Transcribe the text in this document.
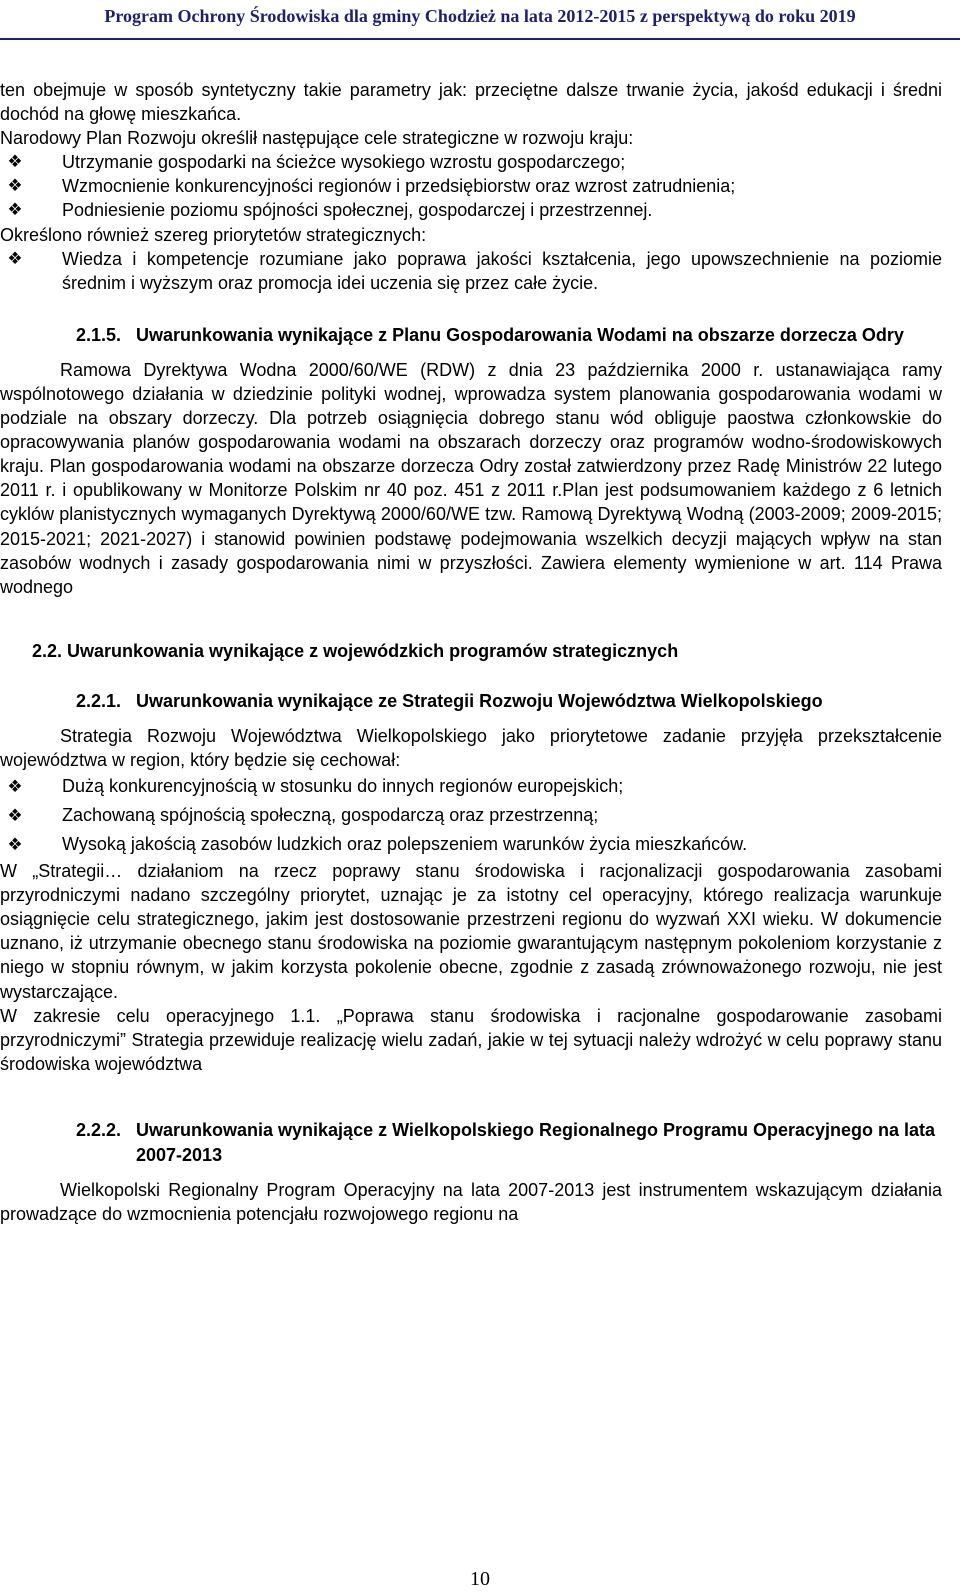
Program Ochrony Środowiska dla gminy Chodzież na lata 2012-2015 z perspektywą do roku 2019

ten obejmuje w sposób syntetyczny takie parametry jak: przeciętne dalsze trwanie życia, jakośd edukacji i średni dochód na głowę mieszkańca.

Narodowy Plan Rozwoju określił następujące cele strategiczne w rozwoju kraju:

❖ Utrzymanie gospodarki na ścieżce wysokiego wzrostu gospodarczego;
❖ Wzmocnienie konkurencyjności regionów i przedsiębiorstw oraz wzrost zatrudnienia;
❖ Podniesienie poziomu spójności społecznej, gospodarczej i przestrzennej.

Określono również szereg priorytetów strategicznych:

❖ Wiedza i kompetencje rozumiane jako poprawa jakości kształcenia, jego upowszechnienie na poziomie średnim i wyższym oraz promocja idei uczenia się przez całe życie.
2.1.5. Uwarunkowania wynikające z Planu Gospodarowania Wodami na obszarze dorzecza Odry

Ramowa Dyrektywa Wodna 2000/60/WE (RDW) z dnia 23 października 2000 r. ustanawiająca ramy wspólnotowego działania w dziedzinie polityki wodnej, wprowadza system planowania gospodarowania wodami w podziale na obszary dorzeczy. Dla potrzeb osiągnięcia dobrego stanu wód obliguje paostwa członkowskie do opracowywania planów gospodarowania wodami na obszarach dorzeczy oraz programów wodno-środowiskowych kraju. Plan gospodarowania wodami na obszarze dorzecza Odry został zatwierdzony przez Radę Ministrów 22 lutego 2011 r. i opublikowany w Monitorze Polskim nr 40 poz. 451 z 2011 r.Plan jest podsumowaniem każdego z 6 letnich cyklów planistycznych wymaganych Dyrektywą 2000/60/WE tzw. Ramową Dyrektywą Wodną (2003-2009; 2009-2015; 2015-2021; 2021-2027) i stanowid powinien podstawę podejmowania wszelkich decyzji mających wpływ na stan zasobów wodnych i zasady gospodarowania nimi w przyszłości. Zawiera elementy wymienione w art. 114 Prawa wodnego

2.2. Uwarunkowania wynikające z wojewódzkich programów strategicznych
2.2.1. Uwarunkowania wynikające ze Strategii Rozwoju Województwa Wielkopolskiego

Strategia Rozwoju Województwa Wielkopolskiego jako priorytetowe zadanie przyjęła przekształcenie województwa w region, który będzie się cechował:

❖ Dużą konkurencyjnością w stosunku do innych regionów europejskich;
❖ Zachowaną spójnością społeczną, gospodarczą oraz przestrzenną;
❖ Wysoką jakością zasobów ludzkich oraz polepszeniem warunków życia mieszkańców.

W „Strategii… działaniom na rzecz poprawy stanu środowiska i racjonalizacji gospodarowania zasobami przyrodniczymi nadano szczególny priorytet, uznając je za istotny cel operacyjny, którego realizacja warunkuje osiągnięcie celu strategicznego, jakim jest dostosowanie przestrzeni regionu do wyzwań XXI wieku. W dokumencie uznano, iż utrzymanie obecnego stanu środowiska na poziomie gwarantującym następnym pokoleniom korzystanie z niego w stopniu równym, w jakim korzysta pokolenie obecne, zgodnie z zasadą zrównoważonego rozwoju, nie jest wystarczające.

W zakresie celu operacyjnego 1.1. „Poprawa stanu środowiska i racjonalne gospodarowanie zasobami przyrodniczymi” Strategia przewiduje realizację wielu zadań, jakie w tej sytuacji należy wdrożyć w celu poprawy stanu środowiska województwa

2.2.2. Uwarunkowania wynikające z Wielkopolskiego Regionalnego Programu Operacyjnego na lata 2007-2013

Wielkopolski Regionalny Program Operacyjny na lata 2007-2013 jest instrumentem wskazującym działania prowadzące do wzmocnienia potencjału rozwojowego regionu na

10
